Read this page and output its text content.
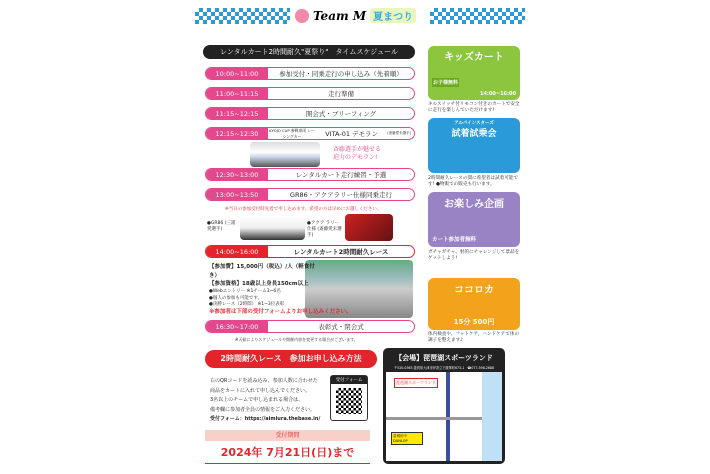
Team M 夏まつり
レンタルカート2時間耐久"夏祭り"　タイムスケジュール
10:00~11:00	参加受付・同乗走行の申し込み（先着順）
11:00~11:15	走行準備
11:15~12:15	開会式・ブリーフィング
12:15~12:30	KYOJO CUP 参戦車両 レーシングカー	VITA-01 デモラン	(斎藤愛未選手)
斉藤選手が魅せる迫力のデモラン!
12:30~13:00	レンタルカート走行練習・予選
13:00~13:50	GR86・アクアラリー仕様同乗走行
※当日の参加受付時先着で申し込めます。希望の方は早めにお越しください。
●GR86 (三浦愛選手)
●アクア ラリー仕様 (斎藤愛未選手)
14:00~16:00	レンタルカート2時間耐久レース
【参加費】15,000円（税込）/人（軽食付き）
【参加資格】18歳以上身長150cm以上
●Webエントリー ※1チーム3~6名
●個人の参加も可能です。
●決勝レース（2時間） ※1~3位表彰
※参加者は下部の受付フォームよりお申し込みください。
16:30~17:00	表彰式・閉会式
※天候によりスケジュールや開催内容を変更する場合がございます。
キッズカート
お子様無料
14:00~16:00
キルスイッチ付リモコン付きのカートで安全に走行を楽しんでいただけます!
アルパインスターズ
試着試乗会
2時間耐久レースの間に希望者は試着可能です! ●物販での販売も行います。
お楽しみ企画
カート参加者無料
ガチャガチャ、射的にチャレンジして景品をゲットしよう!
ココロカ
15分 500円
体内検査や、フットケア、ハンドケアで体の調子を整えます♪
2時間耐久レース　参加お申し込み方法
右のQRコードを読み込み、参加人数に合わせた
商品をカートに入れて申し込んでください。
3名以上のチームで申し込まれる場合は、
備考欄に参加者全員の情報をご入力ください。
受付フォーム：https://aimiura.thebase.in/
受付フォーム
受付期間
2024年 7月21日(日)まで
【会場】琵琶湖スポーツランド
〒520-0363 滋賀県大津市伊香立下龍華町673-1　☎077-598-2688
琵琶湖スポーツランド
葛城田中 DUNLOP
